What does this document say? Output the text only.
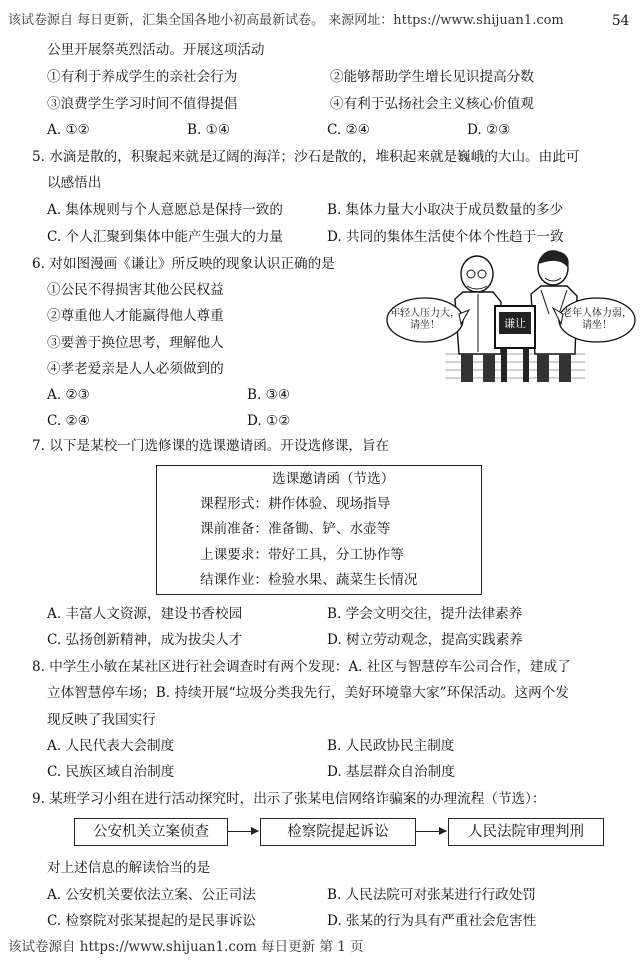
该试卷源自 每日更新，汇集全国各地小初高最新试卷。 来源网址：https://www.shijuan1.com	54
公里开展祭英烈活动。开展这项活动
①有利于养成学生的亲社会行为	②能够帮助学生增长见识提高分数
③浪费学生学习时间不值得提倡	④有利于弘扬社会主义核心价值观
A. ①②	B. ①④	C. ②④	D. ②③
5. 水滴是散的，积聚起来就是辽阔的海洋；沙石是散的，堆积起来就是巍峨的大山。由此可
以感悟出
A. 集体规则与个人意愿总是保持一致的	B. 集体力量大小取决于成员数量的多少
C. 个人汇聚到集体中能产生强大的力量	D. 共同的集体生活使个体个性趋于一致
6. 对如图漫画《谦让》所反映的现象认识正确的是
①公民不得损害其他公民权益
②尊重他人才能赢得他人尊重
③要善于换位思考，理解他人
④孝老爱亲是人人必须做到的
A. ②③	B. ③④
C. ②④	D. ①②
年轻人压力大，请坐！
老年人体力弱，请坐！
谦让
7. 以下是某校一门选修课的选课邀请函。开设选修课，旨在
选课邀请函（节选）
课程形式：耕作体验、现场指导
课前准备：准备锄、铲、水壶等
上课要求：带好工具，分工协作等
结课作业：检验水果、蔬菜生长情况
A. 丰富人文资源，建设书香校园	B. 学会文明交往，提升法律素养
C. 弘扬创新精神，成为拔尖人才	D. 树立劳动观念，提高实践素养
8. 中学生小敏在某社区进行社会调查时有两个发现：A. 社区与智慧停车公司合作，建成了
立体智慧停车场；B. 持续开展“垃圾分类我先行，美好环境靠大家”环保活动。这两个发
现反映了我国实行
A. 人民代表大会制度	B. 人民政协民主制度
C. 民族区域自治制度	D. 基层群众自治制度
9. 某班学习小组在进行活动探究时，出示了张某电信网络诈骗案的办理流程（节选）：
公安机关立案侦查	检察院提起诉讼	人民法院审理判刑
对上述信息的解读恰当的是
A. 公安机关要依法立案、公正司法	B. 人民法院可对张某进行行政处罚
C. 检察院对张某提起的是民事诉讼	D. 张某的行为具有严重社会危害性
该试卷源自 https://www.shijuan1.com 每日更新 第 1 页
